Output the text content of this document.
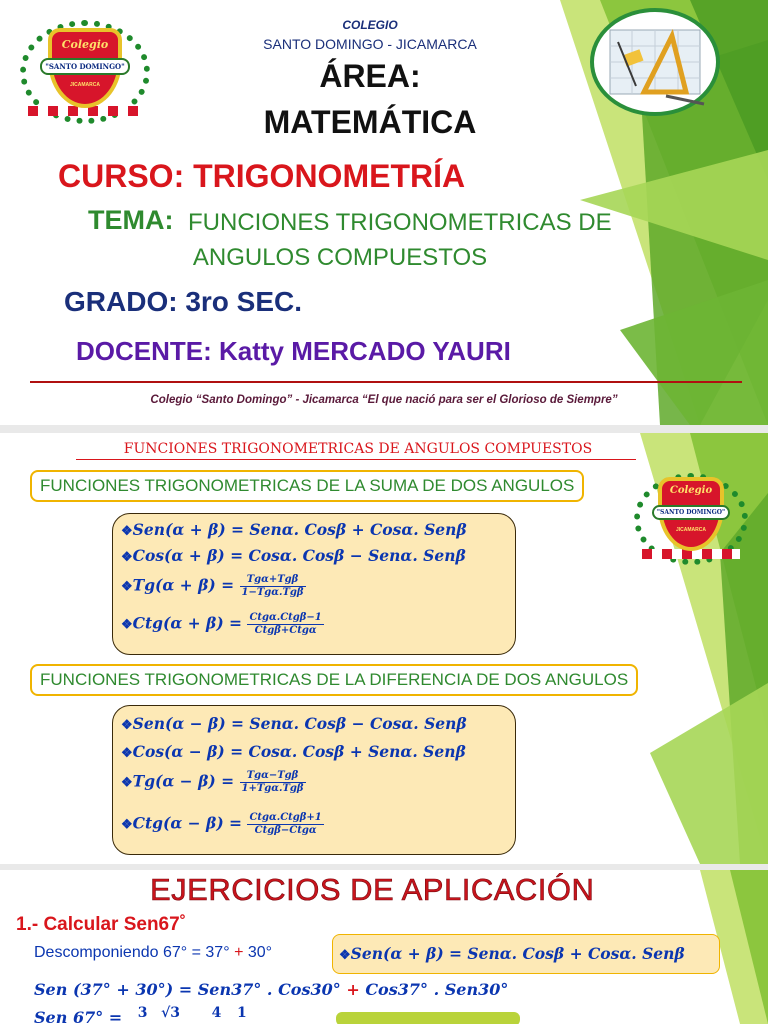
Colegio
"SANTO DOMINGO"
JICAMARCA
COLEGIO
SANTO DOMINGO - JICAMARCA
ÁREA:
MATEMÁTICA
CURSO: TRIGONOMETRÍA
TEMA: FUNCIONES TRIGONOMETRICAS DE
ANGULOS COMPUESTOS
GRADO: 3ro SEC.
DOCENTE: Katty MERCADO YAURI
Colegio “Santo Domingo” - Jicamarca “El que nació para ser el Glorioso de Siempre”
FUNCIONES TRIGONOMETRICAS DE ANGULOS COMPUESTOS
Colegio
"SANTO DOMINGO"
JICAMARCA
FUNCIONES TRIGONOMETRICAS DE LA SUMA DE DOS ANGULOS
❖Sen(α + β) = Senα. Cosβ + Cosα. Senβ
❖Cos(α + β) = Cosα. Cosβ − Senα. Senβ
❖Tg(α + $\beta) = \frac{\text{Tgα+Tgβ}}{\text{1−Tgα.Tgβ}}$
❖Ctg(α + $\beta) = \frac{\text{Ctgα.Ctgβ−1}}{\text{Ctgβ+Ctgα}}$
FUNCIONES TRIGONOMETRICAS DE LA DIFERENCIA DE DOS ANGULOS
❖Sen(α − β) = Senα. Cosβ − Cosα. Senβ
❖Cos(α − β) = Cosα. Cosβ + Senα. Senβ
❖Tg(α − $\beta) = \frac{\text{Tgα−Tgβ}}{\text{1+Tgα.Tgβ}}$
❖Ctg(α − $\beta) = \frac{\text{Ctgα.Ctgβ+1}}{\text{Ctgβ−Ctgα}}$
EJERCICIOS DE APLICACIÓN
1.- Calcular Sen67˚
Descomponiendo 67° = 37° + 30°	❖Sen(α + β) = Senα. Cosβ + Cosα. Senβ
Sen (37° + 30°) = Sen37° . Cos30° + Cos37° . Sen30°
Sen 67° = 3 √3 4 1
